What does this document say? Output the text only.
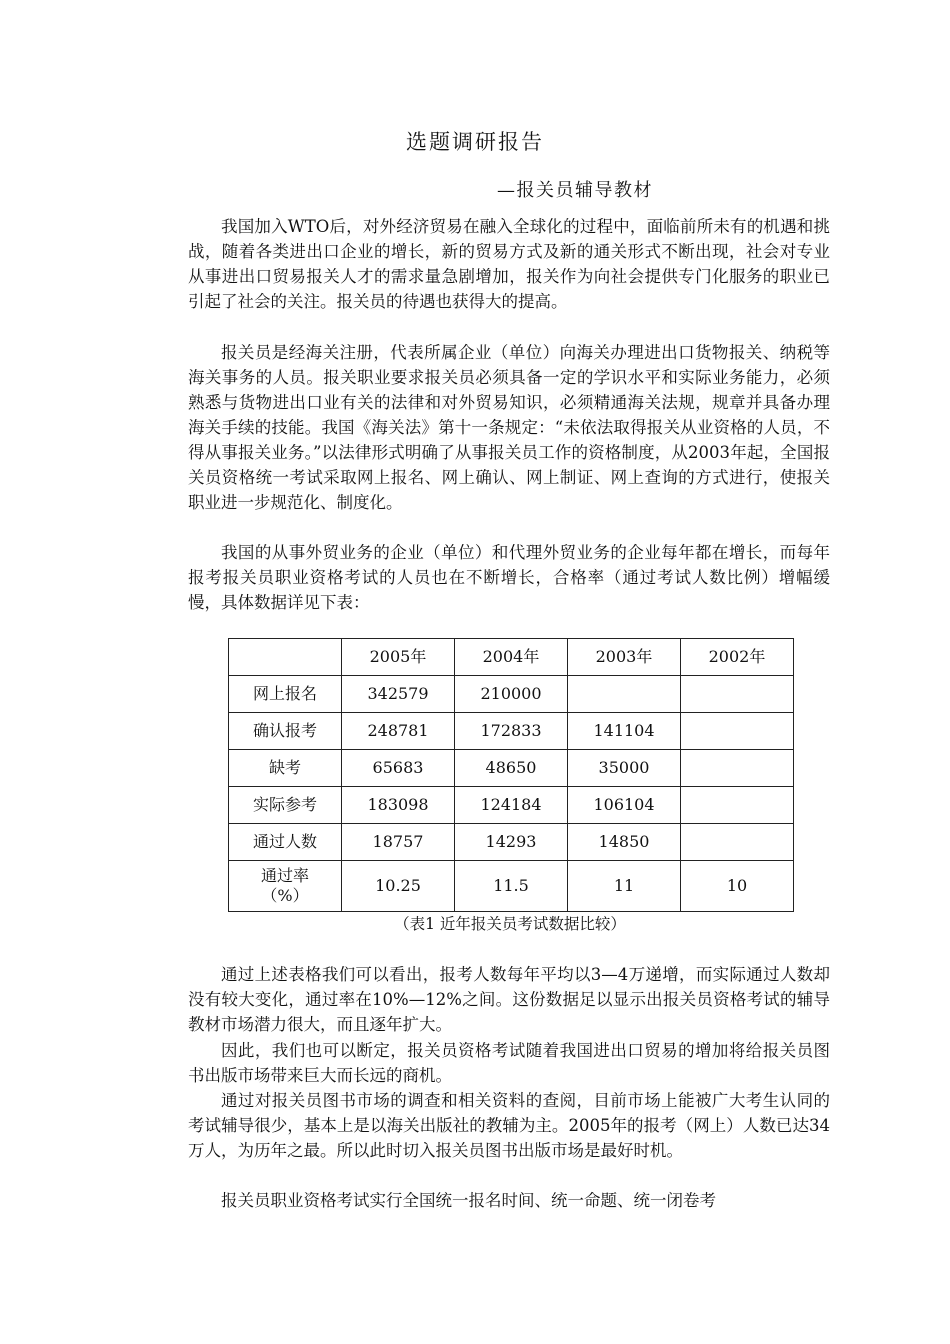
选题调研报告
—报关员辅导教材

我国加入WTO后，对外经济贸易在融入全球化的过程中，面临前所未有的机遇和挑战，随着各类进出口企业的增长，新的贸易方式及新的通关形式不断出现，社会对专业从事进出口贸易报关人才的需求量急剧增加，报关作为向社会提供专门化服务的职业已引起了社会的关注。报关员的待遇也获得大的提高。

报关员是经海关注册，代表所属企业（单位）向海关办理进出口货物报关、纳税等海关事务的人员。报关职业要求报关员必须具备一定的学识水平和实际业务能力，必须熟悉与货物进出口业有关的法律和对外贸易知识，必须精通海关法规，规章并具备办理海关手续的技能。我国《海关法》第十一条规定：“未依法取得报关从业资格的人员，不得从事报关业务。”以法律形式明确了从事报关员工作的资格制度，从2003年起，全国报关员资格统一考试采取网上报名、网上确认、网上制证、网上查询的方式进行，使报关职业进一步规范化、制度化。

我国的从事外贸业务的企业（单位）和代理外贸业务的企业每年都在增长，而每年报考报关员职业资格考试的人员也在不断增长，合格率（通过考试人数比例）增幅缓慢，具体数据详见下表：

	2005年	2004年	2003年	2002年
网上报名	342579	210000		
确认报考	248781	172833	141104	
缺考	65683	48650	35000	
实际参考	183098	124184	106104	
通过人数	18757	14293	14850	
通过率（%）	10.25	11.5	11	10
（表1 近年报关员考试数据比较）

通过上述表格我们可以看出，报考人数每年平均以3—4万递增，而实际通过人数却没有较大变化，通过率在10%—12%之间。这份数据足以显示出报关员资格考试的辅导教材市场潜力很大，而且逐年扩大。

因此，我们也可以断定，报关员资格考试随着我国进出口贸易的增加将给报关员图书出版市场带来巨大而长远的商机。

通过对报关员图书市场的调查和相关资料的查阅，目前市场上能被广大考生认同的考试辅导很少，基本上是以海关出版社的教辅为主。2005年的报考（网上）人数已达34万人，为历年之最。所以此时切入报关员图书出版市场是最好时机。

报关员职业资格考试实行全国统一报名时间、统一命题、统一闭卷考
